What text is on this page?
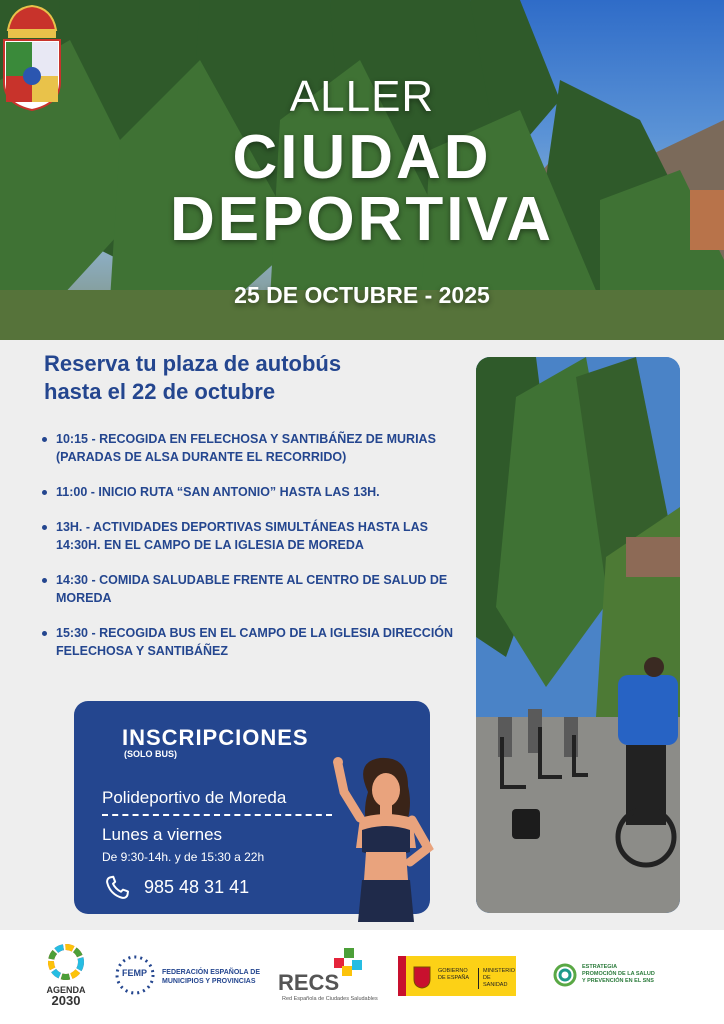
ALLER
CIUDAD
DEPORTIVA
25 DE OCTUBRE - 2025
Reserva tu plaza de autobús
hasta el 22 de octubre
10:15 - RECOGIDA EN FELECHOSA Y SANTIBÁÑEZ DE MURIAS (PARADAS DE ALSA DURANTE EL RECORRIDO)
11:00 - INICIO RUTA “SAN ANTONIO” HASTA LAS 13H.
13H. - ACTIVIDADES DEPORTIVAS SIMULTÁNEAS HASTA LAS 14:30H. EN EL CAMPO DE LA IGLESIA DE MOREDA
14:30 - COMIDA SALUDABLE FRENTE AL CENTRO DE SALUD DE MOREDA
15:30 - RECOGIDA BUS EN EL CAMPO DE LA IGLESIA DIRECCIÓN FELECHOSA Y SANTIBÁÑEZ
INSCRIPCIONES
(SOLO BUS)
Polideportivo de Moreda
Lunes a viernes
De 9:30-14h. y de 15:30 a 22h
985 48 31 41
AGENDA
2030
FEMP FEDERACIÓN ESPAÑOLA DE
MUNICIPIOS Y PROVINCIAS	RECS
Red Española de Ciudades Saludables
GOBIERNO
DE ESPAÑA
MINISTERIO
DE SANIDAD
ESTRATEGIA
PROMOCIÓN DE LA SALUD
Y PREVENCIÓN EN EL SNS
